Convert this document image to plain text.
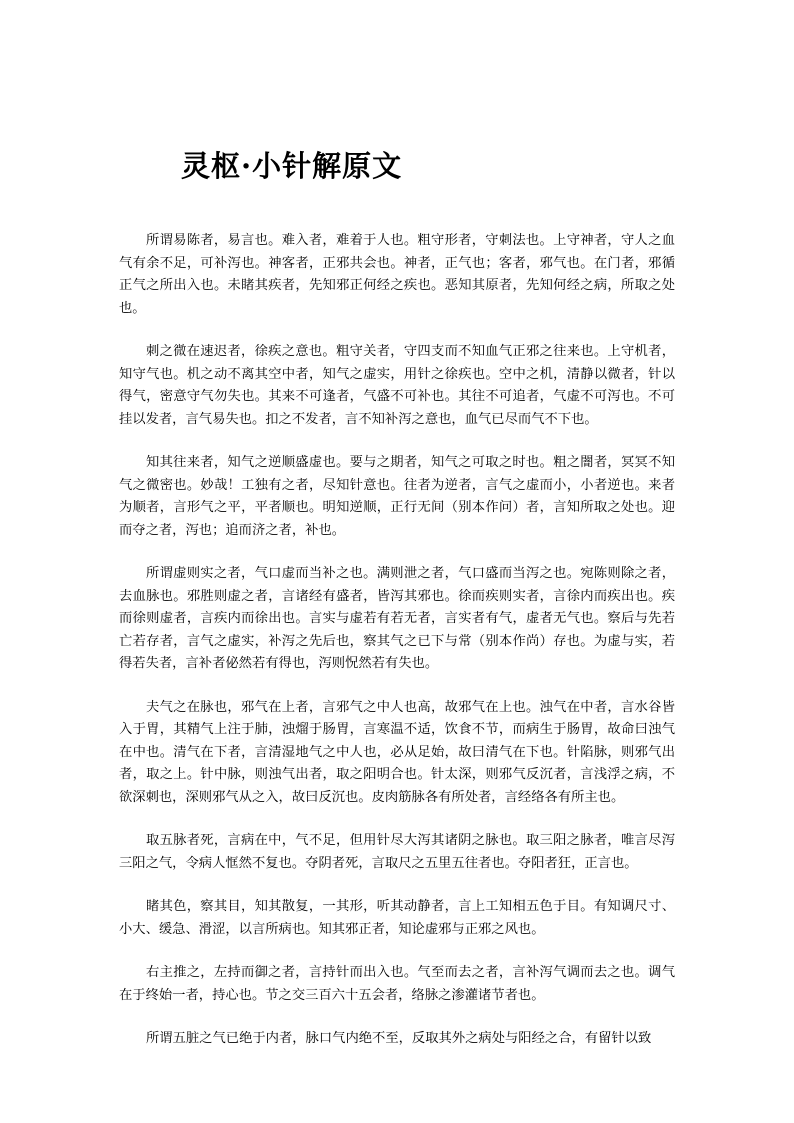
灵枢·小针解原文

所谓易陈者，易言也。难入者，难着于人也。粗守形者，守刺法也。上守神者，守人之血气有余不足，可补泻也。神客者，正邪共会也。神者，正气也；客者，邪气也。在门者，邪循正气之所出入也。未睹其疾者，先知邪正何经之疾也。恶知其原者，先知何经之病，所取之处也。

刺之微在速迟者，徐疾之意也。粗守关者，守四支而不知血气正邪之往来也。上守机者，知守气也。机之动不离其空中者，知气之虚实，用针之徐疾也。空中之机，清静以微者，针以得气，密意守气勿失也。其来不可逢者，气盛不可补也。其往不可追者，气虚不可泻也。不可挂以发者，言气易失也。扣之不发者，言不知补泻之意也，血气已尽而气不下也。

知其往来者，知气之逆顺盛虚也。要与之期者，知气之可取之时也。粗之闇者，冥冥不知气之微密也。妙哉！工独有之者，尽知针意也。往者为逆者，言气之虚而小，小者逆也。来者为顺者，言形气之平，平者顺也。明知逆顺，正行无间（别本作问）者，言知所取之处也。迎而夺之者，泻也；追而济之者，补也。

所谓虚则实之者，气口虚而当补之也。满则泄之者，气口盛而当泻之也。宛陈则除之者，去血脉也。邪胜则虚之者，言诸经有盛者，皆泻其邪也。徐而疾则实者，言徐内而疾出也。疾而徐则虚者，言疾内而徐出也。言实与虚若有若无者，言实者有气，虚者无气也。察后与先若亡若存者，言气之虚实，补泻之先后也，察其气之已下与常（别本作尚）存也。为虚与实，若得若失者，言补者佖然若有得也，泻则怳然若有失也。

夫气之在脉也，邪气在上者，言邪气之中人也高，故邪气在上也。浊气在中者，言水谷皆入于胃，其精气上注于肺，浊熘于肠胃，言寒温不适，饮食不节，而病生于肠胃，故命曰浊气在中也。清气在下者，言清湿地气之中人也，必从足始，故曰清气在下也。针陷脉，则邪气出者，取之上。针中脉，则浊气出者，取之阳明合也。针太深，则邪气反沉者，言浅浮之病，不欲深刺也，深则邪气从之入，故曰反沉也。皮肉筋脉各有所处者，言经络各有所主也。

取五脉者死，言病在中，气不足，但用针尽大泻其诸阴之脉也。取三阳之脉者，唯言尽泻三阳之气，令病人恇然不复也。夺阴者死，言取尺之五里五往者也。夺阳者狂，正言也。

睹其色，察其目，知其散复，一其形，听其动静者，言上工知相五色于目。有知调尺寸、小大、缓急、滑涩，以言所病也。知其邪正者，知论虚邪与正邪之风也。

右主推之，左持而御之者，言持针而出入也。气至而去之者，言补泻气调而去之也。调气在于终始一者，持心也。节之交三百六十五会者，络脉之渗灌诸节者也。

所谓五脏之气已绝于内者，脉口气内绝不至，反取其外之病处与阳经之合，有留针以致
